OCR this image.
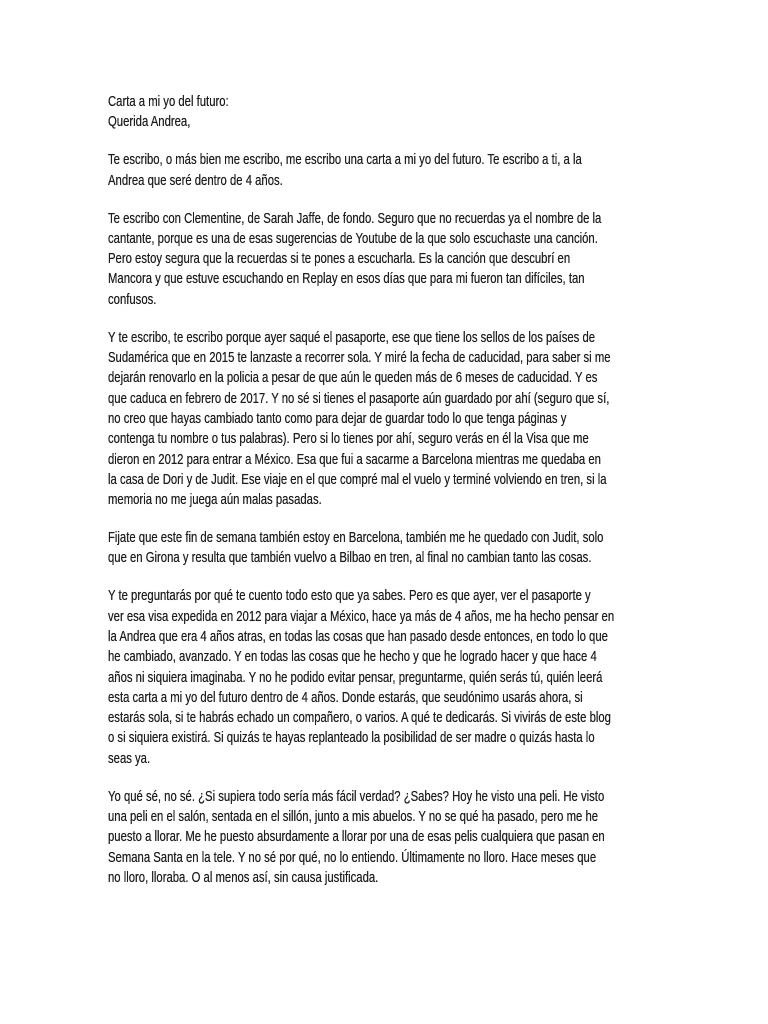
Carta a mi yo del futuro:
Querida Andrea,
Te escribo, o más bien me escribo, me escribo una carta a mi yo del futuro. Te escribo a ti, a la
Andrea que seré dentro de 4 años.
Te escribo con Clementine, de Sarah Jaffe, de fondo. Seguro que no recuerdas ya el nombre de la
cantante, porque es una de esas sugerencias de Youtube de la que solo escuchaste una canción.
Pero estoy segura que la recuerdas si te pones a escucharla. Es la canción que descubrí en
Mancora y que estuve escuchando en Replay en esos días que para mi fueron tan difíciles, tan
confusos.
Y te escribo, te escribo porque ayer saqué el pasaporte, ese que tiene los sellos de los países de
Sudamérica que en 2015 te lanzaste a recorrer sola. Y miré la fecha de caducidad, para saber si me
dejarán renovarlo en la policia a pesar de que aún le queden más de 6 meses de caducidad. Y es
que caduca en febrero de 2017. Y no sé si tienes el pasaporte aún guardado por ahí (seguro que sí,
no creo que hayas cambiado tanto como para dejar de guardar todo lo que tenga páginas y
contenga tu nombre o tus palabras). Pero si lo tienes por ahí, seguro verás en él la Visa que me
dieron en 2012 para entrar a México. Esa que fui a sacarme a Barcelona mientras me quedaba en
la casa de Dori y de Judit. Ese viaje en el que compré mal el vuelo y terminé volviendo en tren, si la
memoria no me juega aún malas pasadas.
Fijate que este fin de semana también estoy en Barcelona, también me he quedado con Judit, solo
que en Girona y resulta que también vuelvo a Bilbao en tren, al final no cambian tanto las cosas.
Y te preguntarás por qué te cuento todo esto que ya sabes. Pero es que ayer, ver el pasaporte y
ver esa visa expedida en 2012 para viajar a México, hace ya más de 4 años, me ha hecho pensar en
la Andrea que era 4 años atras, en todas las cosas que han pasado desde entonces, en todo lo que
he cambiado, avanzado. Y en todas las cosas que he hecho y que he logrado hacer y que hace 4
años ni siquiera imaginaba. Y no he podido evitar pensar, preguntarme, quién serás tú, quién leerá
esta carta a mi yo del futuro dentro de 4 años. Donde estarás, que seudónimo usarás ahora, si
estarás sola, si te habrás echado un compañero, o varios. A qué te dedicarás. Si vivirás de este blog
o si siquiera existirá. Si quizás te hayas replanteado la posibilidad de ser madre o quizás hasta lo
seas ya.
Yo qué sé, no sé. ¿Si supiera todo sería más fácil verdad? ¿Sabes? Hoy he visto una peli. He visto
una peli en el salón, sentada en el sillón, junto a mis abuelos. Y no se qué ha pasado, pero me he
puesto a llorar. Me he puesto absurdamente a llorar por una de esas pelis cualquiera que pasan en
Semana Santa en la tele. Y no sé por qué, no lo entiendo. Últimamente no lloro. Hace meses que
no lloro, lloraba. O al menos así, sin causa justificada.
